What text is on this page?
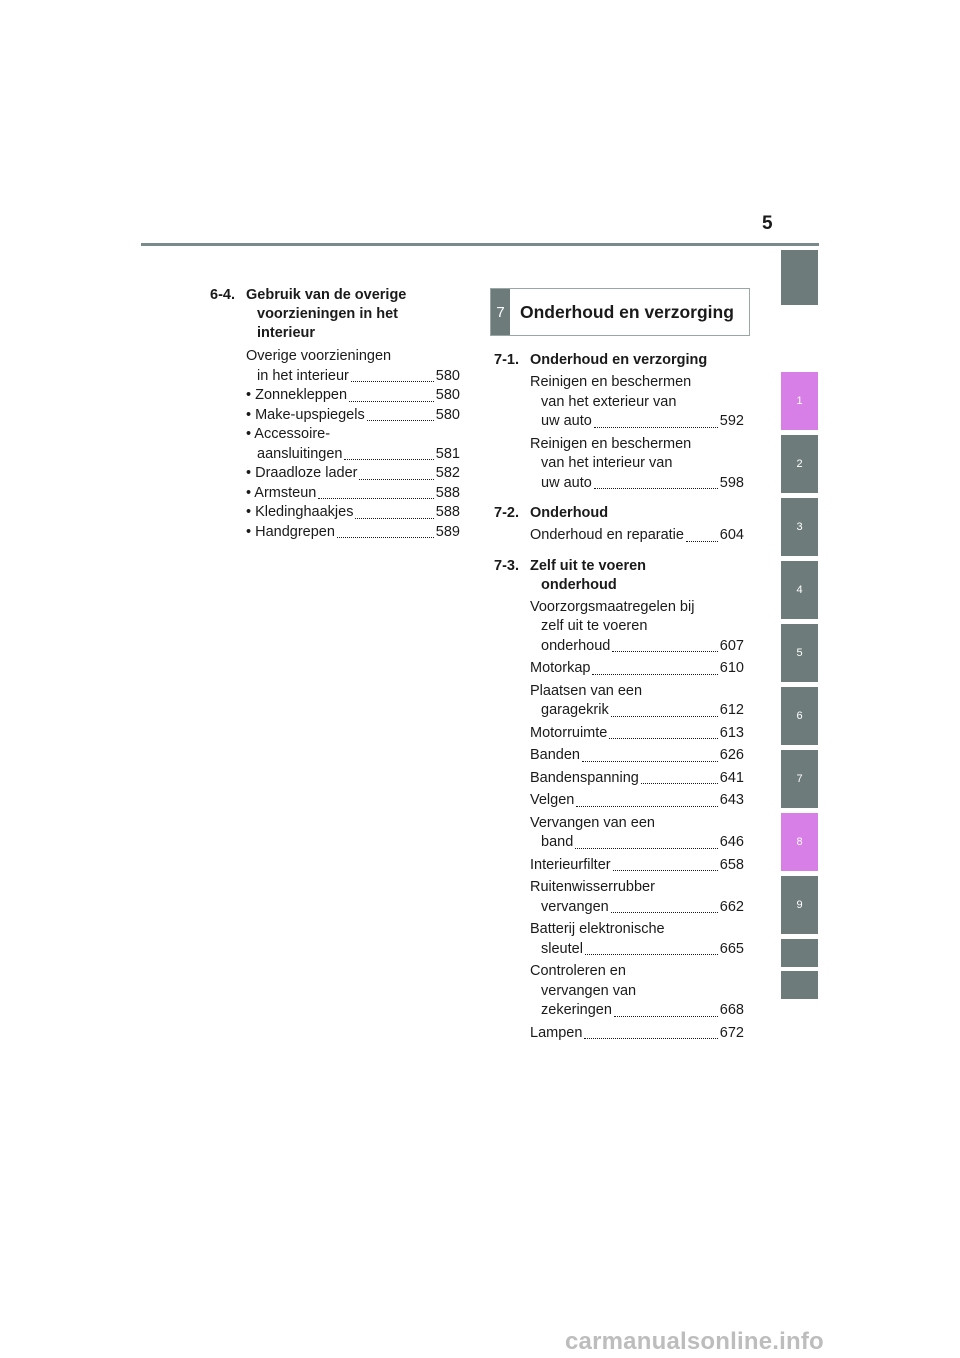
5
1
2
3
4
5
6
7
8
9
6-4. Gebruik van de overige
voorzieningen in het
interieur
Overige voorzieningen
in het interieur	580
• Zonnekleppen	580
• Make-upspiegels	580
• Accessoire-
aansluitingen	581
• Draadloze lader	582
• Armsteun	588
• Kledinghaakjes	588
• Handgrepen	589
7 Onderhoud en verzorging
7-1. Onderhoud en verzorging
Reinigen en beschermen
van het exterieur van
uw auto	592
Reinigen en beschermen
van het interieur van
uw auto	598
7-2. Onderhoud
Onderhoud en reparatie 604
7-3. Zelf uit te voeren
onderhoud
Voorzorgsmaatregelen bij
zelf uit te voeren
onderhoud	607
Motorkap	610
Plaatsen van een
garagekrik	612
Motorruimte	613
Banden	626
Bandenspanning	641
Velgen	643
Vervangen van een
band	646
Interieurfilter	658
Ruitenwisserrubber
vervangen	662
Batterij elektronische
sleutel	665
Controleren en
vervangen van
zekeringen	668
Lampen	672
carmanualsonline.info
